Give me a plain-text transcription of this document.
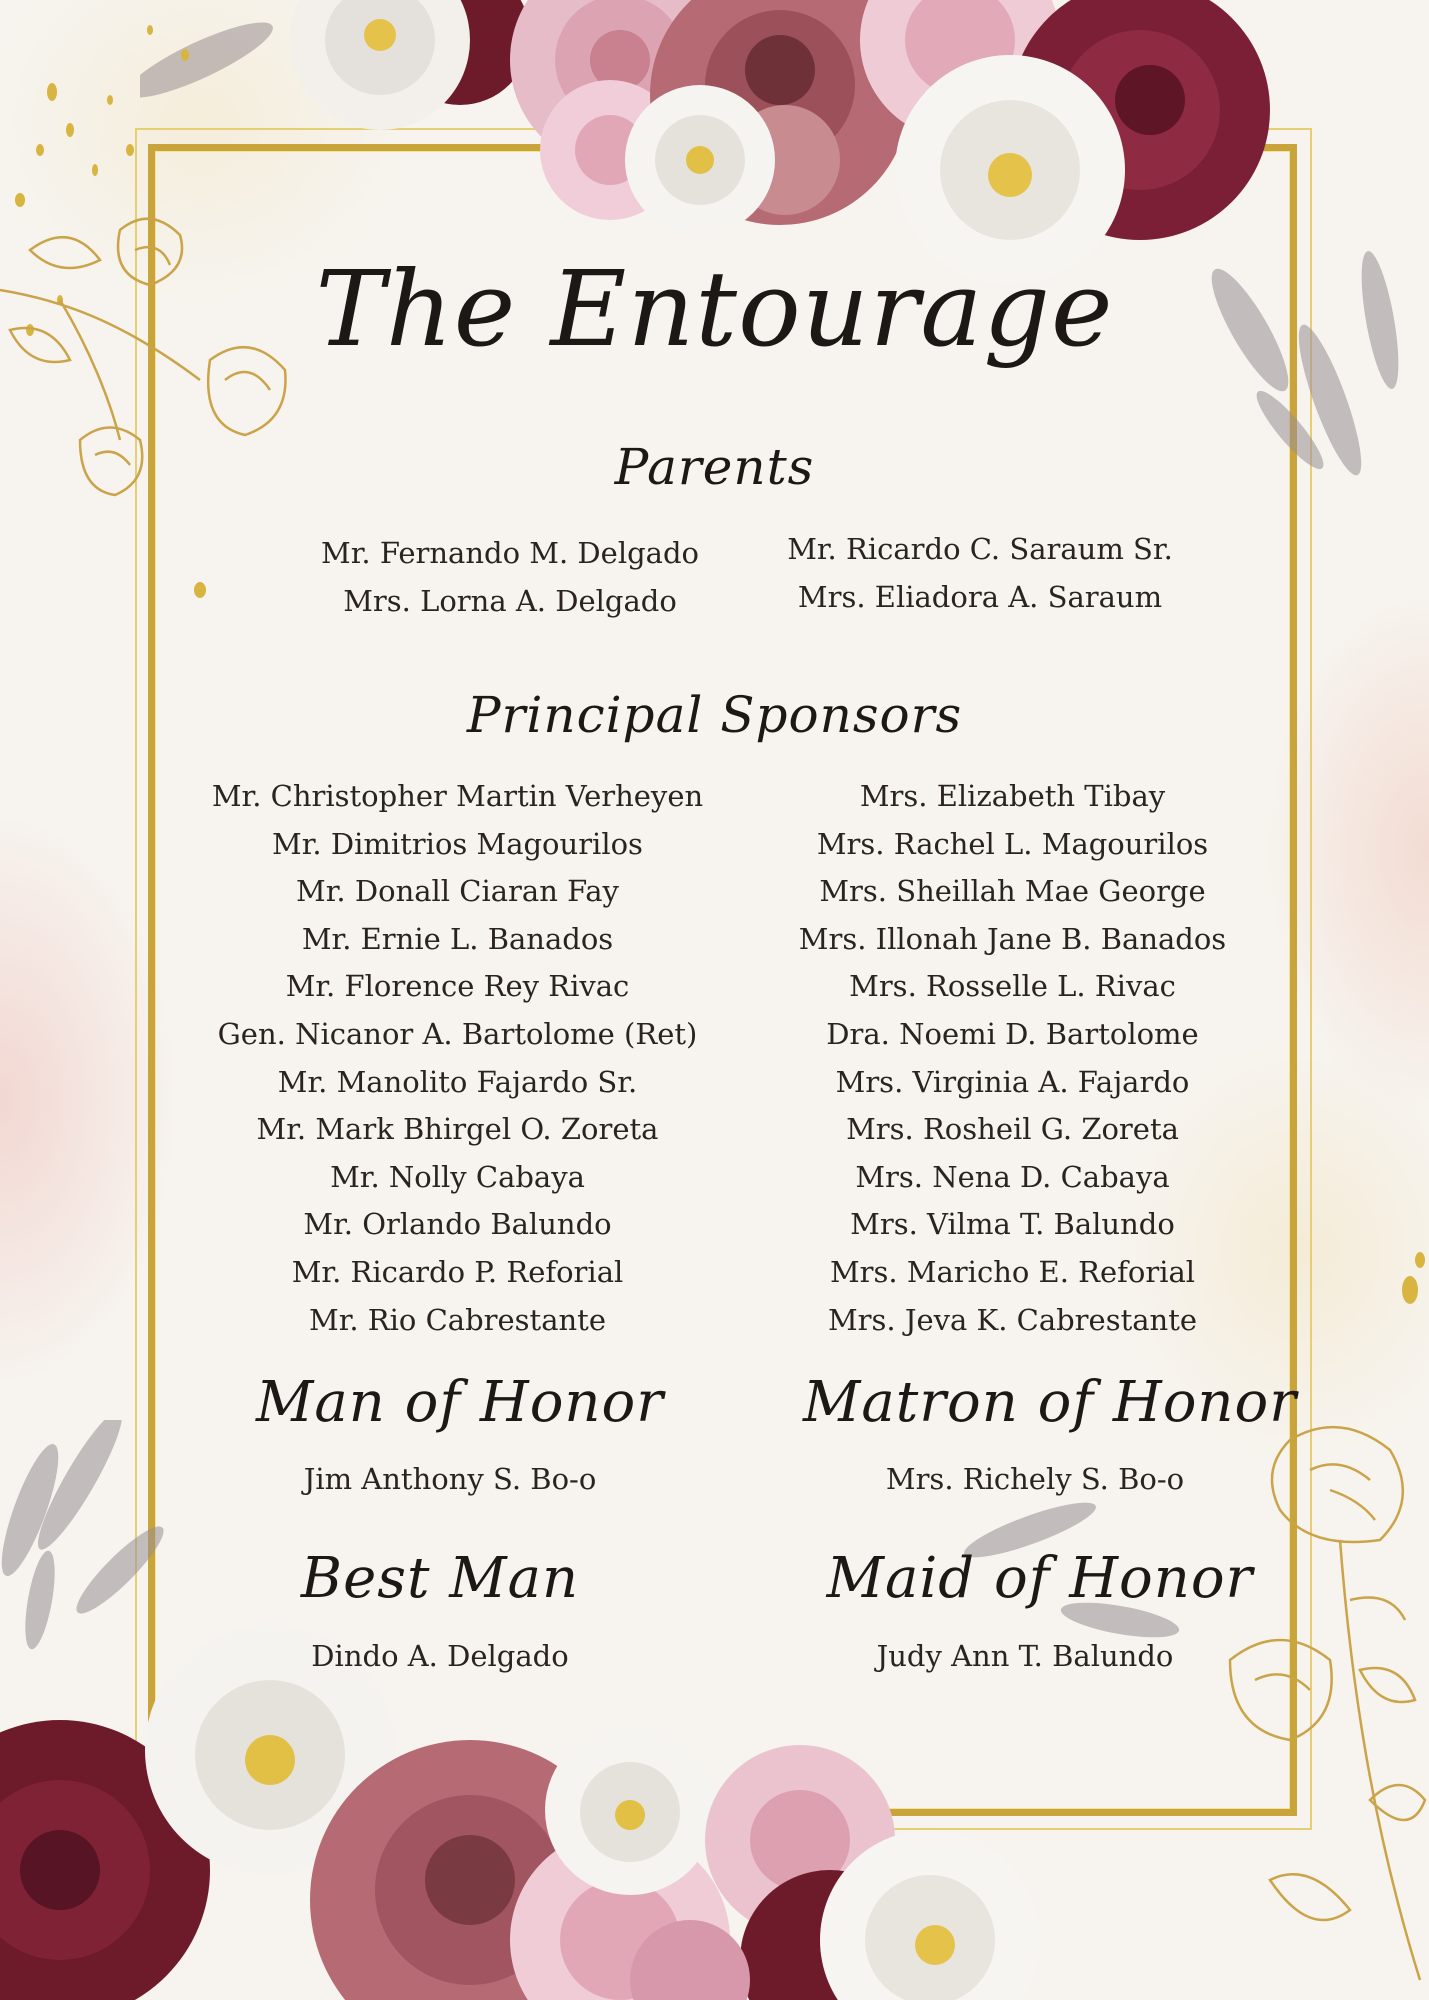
The Entourage
Parents
Mr. Fernando M. Delgado
Mrs. Lorna A. Delgado
Mr. Ricardo C. Saraum Sr.
Mrs. Eliadora A. Saraum
Principal Sponsors
Mr. Christopher Martin Verheyen
Mr. Dimitrios Magourilos
Mr. Donall Ciaran Fay
Mr. Ernie L. Banados
Mr. Florence Rey Rivac
Gen. Nicanor A. Bartolome (Ret)
Mr. Manolito Fajardo Sr.
Mr. Mark Bhirgel O. Zoreta
Mr. Nolly Cabaya
Mr. Orlando Balundo
Mr. Ricardo P. Reforial
Mr. Rio Cabrestante
Mrs. Elizabeth Tibay
Mrs. Rachel L. Magourilos
Mrs. Sheillah Mae George
Mrs. Illonah Jane B. Banados
Mrs. Rosselle L. Rivac
Dra. Noemi D. Bartolome
Mrs. Virginia A. Fajardo
Mrs. Rosheil G. Zoreta
Mrs. Nena D. Cabaya
Mrs. Vilma T. Balundo
Mrs. Maricho E. Reforial
Mrs. Jeva K. Cabrestante
Man of Honor
Jim Anthony S. Bo-o
Matron of Honor
Mrs. Richely S. Bo-o
Best Man
Dindo A. Delgado
Maid of Honor
Judy Ann T. Balundo
